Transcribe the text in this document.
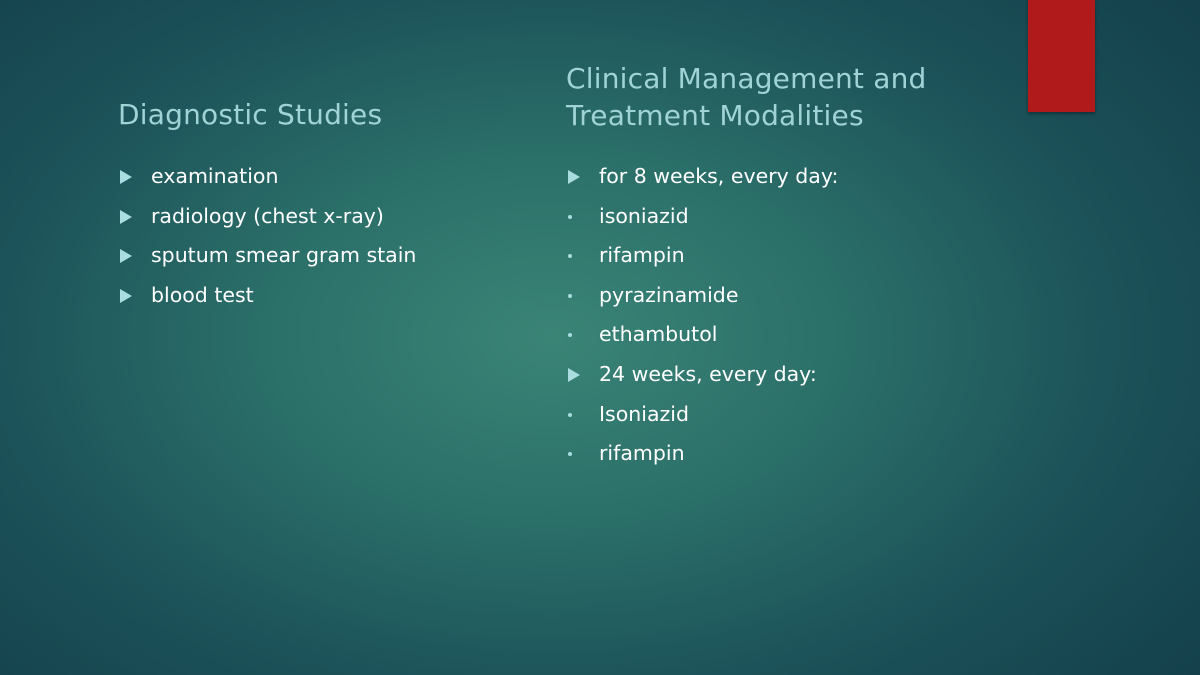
Diagnostic Studies
examination
radiology (chest x-ray)
sputum smear gram stain
blood test
Clinical Management and Treatment Modalities
for 8 weeks, every day:
isoniazid
rifampin
pyrazinamide
ethambutol
24 weeks, every day:
Isoniazid
rifampin
